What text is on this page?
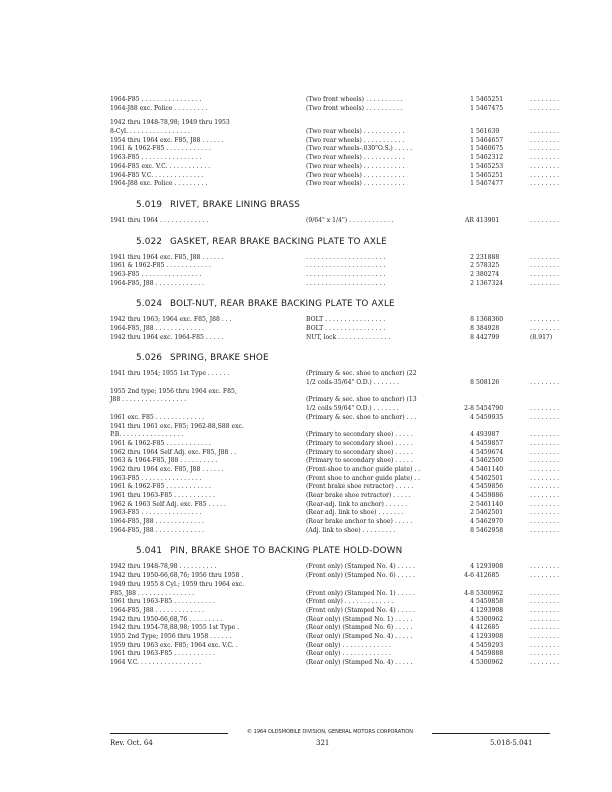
1964-F85 . . . . . . . . . . . . . . . .	(Two front wheels) . . . . . . . . . .	1 5465251	. . . . . . . .
1964-J88 exc. Police . . . . . . . . .	(Two front wheels) . . . . . . . . . .	1 5467475	. . . . . . . .
1942 thru 1948-78,98; 1949 thru 1953
8-Cyl. . . . . . . . . . . . . . . . .	(Two rear wheels) . . . . . . . . . . .	1 561639	. . . . . . . .
1954 thru 1964 exc. F85, J88 . . . . . .	(Two rear wheels) . . . . . . . . . . .	1 5464657	. . . . . . . .
1961 & 1962-F85 . . . . . . . . . . . .	(Two rear wheels-.030"O.S.) . . . . .	1 5460675	. . . . . . . .
1963-F85 . . . . . . . . . . . . . . . .	(Two rear wheels) . . . . . . . . . . .	1 5462312	. . . . . . . .
1964-F85 exc. V.C. . . . . . . . . . . .	(Two rear wheels) . . . . . . . . . . .	1 5465253	. . . . . . . .
1964-F85 V.C. . . . . . . . . . . . . .	(Two rear wheels) . . . . . . . . . . .	1 5465251	. . . . . . . .
1964-J88 exc. Police . . . . . . . . .	(Two rear wheels) . . . . . . . . . . .	1 5467477	. . . . . . . .
5.019 RIVET, BRAKE LINING BRASS
1941 thru 1964 . . . . . . . . . . . . .	(9/64" x 1/4") . . . . . . . . . . . .	AR 413901	. . . . . . . .
5.022 GASKET, REAR BRAKE BACKING PLATE TO AXLE
1941 thru 1964 exc. F85, J88 . . . . . .	. . . . . . . . . . . . . . . . . . . . .	2 231888	. . . . . . . .
1961 & 1962-F85 . . . . . . . . . . . .	. . . . . . . . . . . . . . . . . . . . .	2 578325	. . . . . . . .
1963-F85 . . . . . . . . . . . . . . . .	. . . . . . . . . . . . . . . . . . . . .	2 380274	. . . . . . . .
1964-F85, J88 . . . . . . . . . . . . .	. . . . . . . . . . . . . . . . . . . . .	2 1367324	. . . . . . . .
5.024 BOLT-NUT, REAR BRAKE BACKING PLATE TO AXLE
1942 thru 1963; 1964 exc. F85, J88 . . .	BOLT . . . . . . . . . . . . . . . .	8 1368360	. . . . . . . .
1964-F85, J88 . . . . . . . . . . . . .	BOLT . . . . . . . . . . . . . . . .	8 384928	. . . . . . . .
1942 thru 1964 exc. 1964-F85 . . . . .	NUT, lock . . . . . . . . . . . . . .	8 442799	(8.917)
5.026 SPRING, BRAKE SHOE
1941 thru 1954; 1955 1st Type . . . . . .	(Primary & sec. shoe to anchor) (22
1/2 coils-35/64" O.D.) . . . . . . .	8 508126	. . . . . . . .
1955 2nd type; 1956 thru 1964 exc. F85,
J88 . . . . . . . . . . . . . . . . .	(Primary & sec. shoe to anchor) (13
1/2 coils 59/64" O.D.) . . . . . . .	2-8 5454790	. . . . . . . .
1961 exc. F85 . . . . . . . . . . . . .	(Primary & sec. shoe to anchor) . . .	4 5459935	. . . . . . . .
1941 thru 1961 exc. F85; 1962-88,S88 exc.
P.B. . . . . . . . . . . . . . . . .	(Primary to secondary shoe) . . . . .	4 493987	. . . . . . . .
1961 & 1962-F85 . . . . . . . . . . . .	(Primary to secondary shoe) . . . . .	4 5459857	. . . . . . . .
1962 thru 1964 Self Adj. exc. F85, J88 . .	(Primary to secondary shoe) . . . . .	4 5459674	. . . . . . . .
1963 & 1964-F85, J88 . . . . . . . . . .	(Primary to secondary shoe) . . . . .	4 5462500	. . . . . . . .
1962 thru 1964 exc. F85, J88 . . . . . .	(Front-shoe to anchor guide plate) . .	4 5461140	. . . . . . . .
1963-F85 . . . . . . . . . . . . . . . .	(Front shoe to anchor guide plate) . .	4 5462501	. . . . . . . .
1961 & 1962-F85 . . . . . . . . . . . .	(Front brake shoe retractor) . . . . .	4 5459856	. . . . . . . .
1961 thru 1963-F85 . . . . . . . . . . .	(Rear brake shoe retractor) . . . . .	4 5459886	. . . . . . . .
1962 & 1963 Self Adj. exc. F85 . . . . .	(Rear-adj. link to anchor) . . . . . .	2 5461140	. . . . . . . .
1963-F85 . . . . . . . . . . . . . . . .	(Rear adj. link to shoe) . . . . . . .	2 5462501	. . . . . . . .
1964-F85, J88 . . . . . . . . . . . . .	(Rear brake anchor to shoe) . . . . .	4 5462970	. . . . . . . .
1964-F85, J88 . . . . . . . . . . . . .	(Adj. link to shoe) . . . . . . . . .	8 5462958	. . . . . . . .
5.041 PIN, BRAKE SHOE TO BACKING PLATE HOLD-DOWN
1942 thru 1948-78,98 . . . . . . . . . .	(Front only) (Stamped No. 4) . . . . .	4 1293908	. . . . . . . .
1942 thru 1950-66,68,76; 1956 thru 1958 .	(Front only) (Stamped No. 6) . . . . .	4-6 412685	. . . . . . . .
1949 thru 1955 8 Cyl.; 1959 thru 1964 exc.
F85, J88 . . . . . . . . . . . . . . .	(Front only) (Stamped No. 1) . . . . .	4-8 5300962	. . . . . . . .
1961 thru 1963-F85 . . . . . . . . . . .	(Front only) . . . . . . . . . . . . .	4 5459858	. . . . . . . .
1964-F85, J88 . . . . . . . . . . . . .	(Front only) (Stamped No. 4) . . . . .	4 1293908	. . . . . . . .
1942 thru 1950-66,68,76 . . . . . . . . .	(Rear only) (Stamped No. 1) . . . . .	4 5300962	. . . . . . . .
1942 thru 1954-78,88,98; 1955 1st Type .	(Rear only) (Stamped No. 6) . . . . .	4 412685	. . . . . . . .
1955 2nd Type; 1956 thru 1958 . . . . . .	(Rear only) (Stamped No. 4) . . . . .	4 1293908	. . . . . . . .
1959 thru 1963 exc. F85; 1964 exc. V.C. .	(Rear only) . . . . . . . . . . . . .	4 5459293	. . . . . . . .
1961 thru 1963-F85 . . . . . . . . . . .	(Rear only) . . . . . . . . . . . . .	4 5459888	. . . . . . . .
1964 V.C. . . . . . . . . . . . . . . . .	(Rear only) (Stamped No. 4) . . . . .	4 5300962	. . . . . . . .
© 1964 OLDSMOBILE DIVISION, GENERAL MOTORS CORPORATION
Rev. Oct. 64	321	5.018-5.041
